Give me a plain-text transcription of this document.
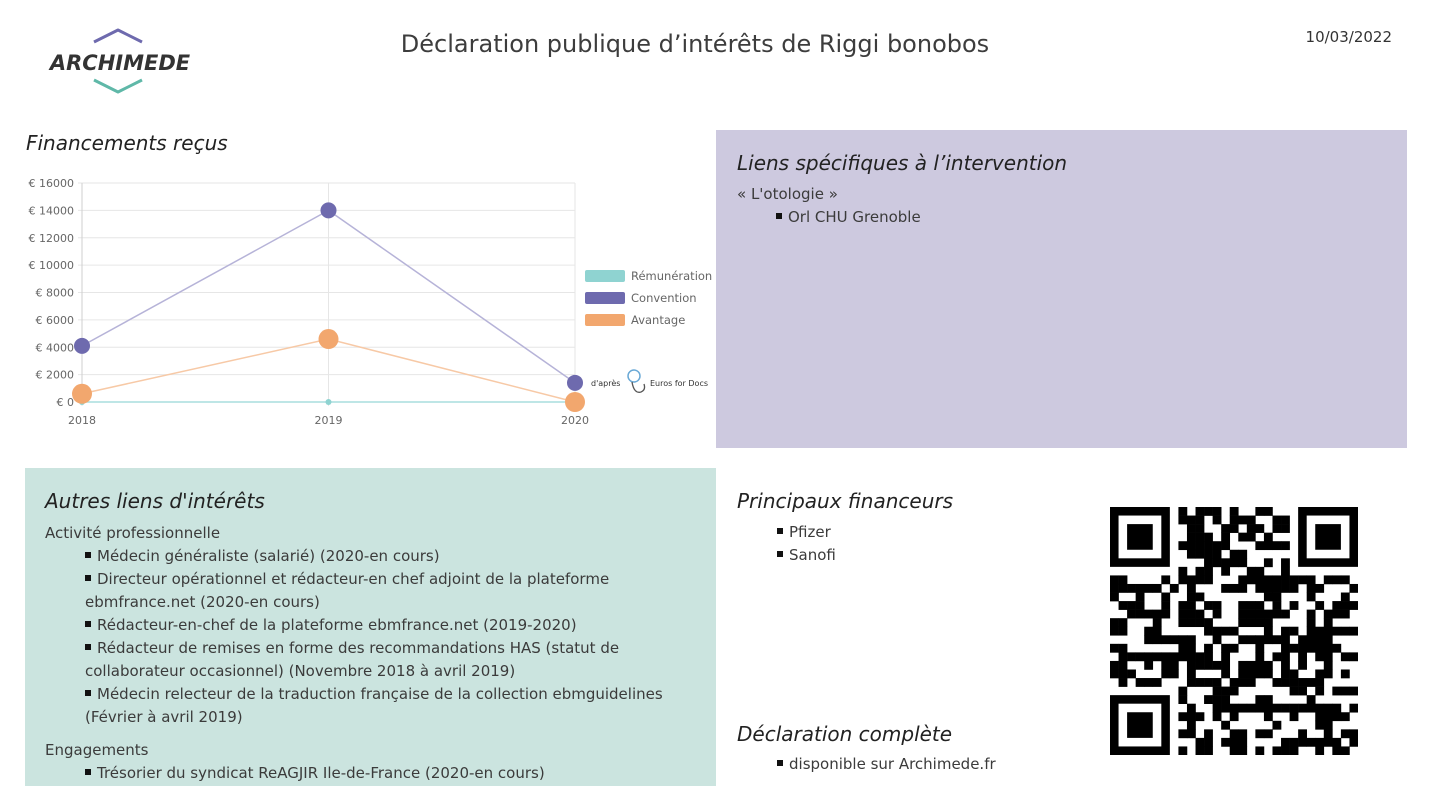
ARCHIMEDE
Déclaration publique d’intérêts de Riggi bonobos	10/03/2022
Financements reçus
€ 0
€ 2000
€ 4000
€ 6000
€ 8000
€ 10000
€ 12000
€ 14000
€ 16000
2018	2019	2020
Rémunération
Convention
Avantage
d'après	Euros for Docs
Liens spécifiques à l’intervention
« L'otologie »
Orl CHU Grenoble
Autres liens d'intérêts
Activité professionnelle
Médecin généraliste (salarié) (2020-en cours)
Directeur opérationnel et rédacteur-en chef adjoint de la plateforme ebmfrance.net (2020-en cours)
Rédacteur-en-chef de la plateforme ebmfrance.net (2019-2020)
Rédacteur de remises en forme des recommandations HAS (statut de collaborateur occasionnel) (Novembre 2018 à avril 2019)
Médecin relecteur de la traduction française de la collection ebmguidelines (Février à avril 2019)
Engagements
Trésorier du syndicat ReAGJIR Ile-de-France (2020-en cours)
Principaux financeurs
Pfizer
Sanofi
Déclaration complète
disponible sur Archimede.fr
